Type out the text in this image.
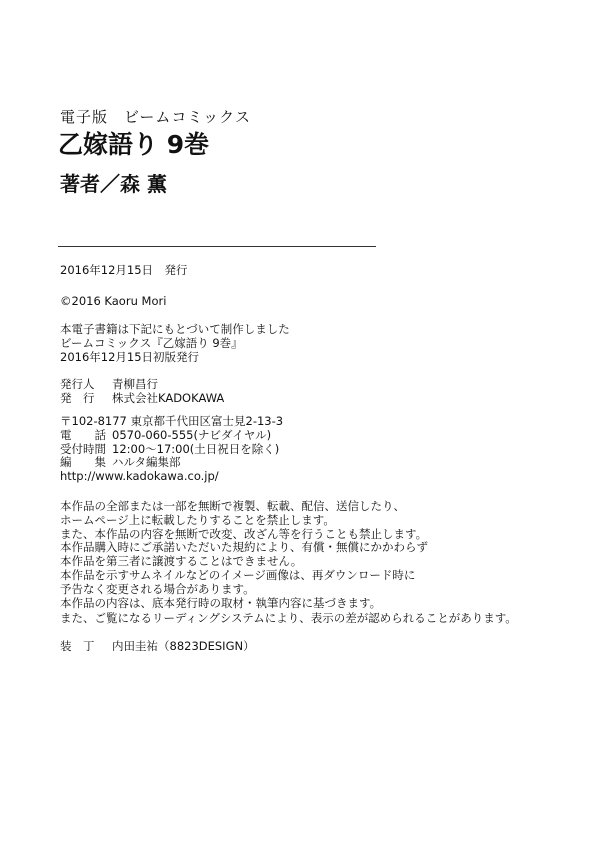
電子版　ビームコミックス
乙嫁語り 9巻
著者／森 薫
2016年12月15日　発行
©2016 Kaoru Mori
本電子書籍は下記にもとづいて制作しました
ビームコミックス『乙嫁語り 9巻』
2016年12月15日初版発行
発行人 青柳昌行
発　行 株式会社KADOKAWA
〒102-8177 東京都千代田区富士見2-13-3
電　　話 0570-060-555(ナビダイヤル)
受付時間 12:00〜17:00(土日祝日を除く)
編　　集 ハルタ編集部
http://www.kadokawa.co.jp/
本作品の全部または一部を無断で複製、転載、配信、送信したり、
ホームページ上に転載したりすることを禁止します。
また、本作品の内容を無断で改変、改ざん等を行うことも禁止します。
本作品購入時にご承諾いただいた規約により、有償・無償にかかわらず
本作品を第三者に譲渡することはできません。
本作品を示すサムネイルなどのイメージ画像は、再ダウンロード時に
予告なく変更される場合があります。
本作品の内容は、底本発行時の取材・執筆内容に基づきます。
また、ご覧になるリーディングシステムにより、表示の差が認められることがあります。
装　丁 内田圭祐（8823DESIGN）
